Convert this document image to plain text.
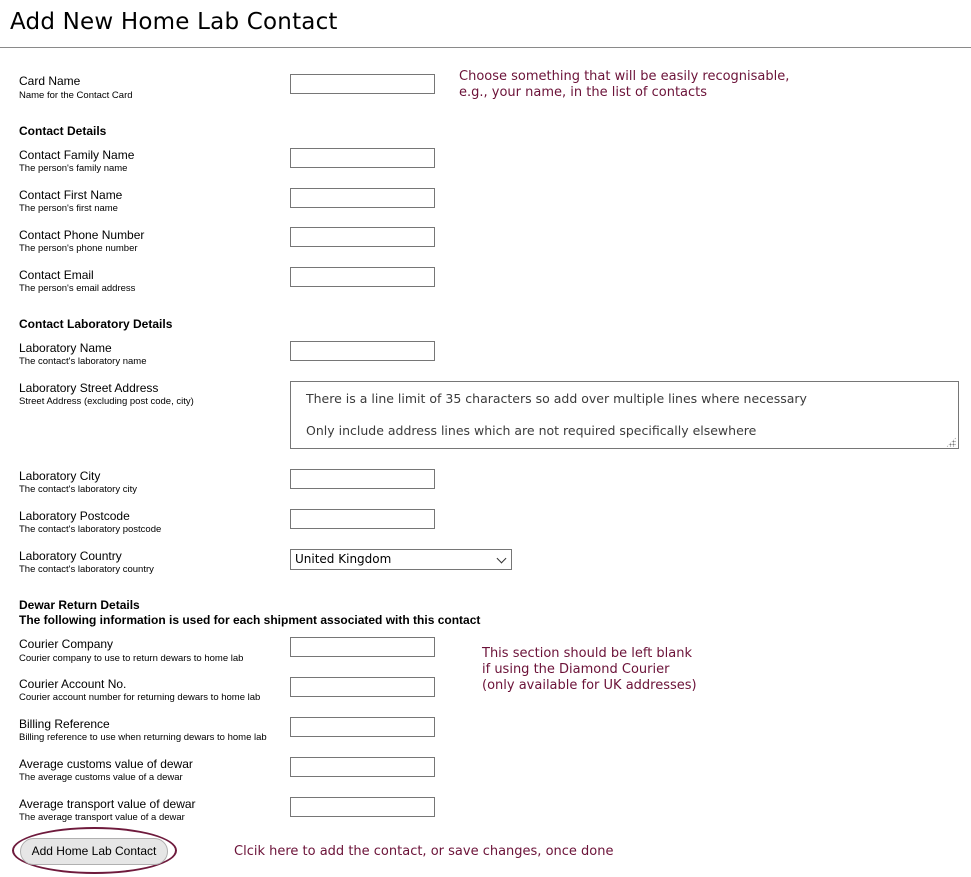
Add New Home Lab Contact
Card Name
Name for the Contact Card
Choose something that will be easily recognisable,
e.g., your name, in the list of contacts
Contact Details
Contact Family Name
The person's family name
Contact First Name
The person's first name
Contact Phone Number
The person's phone number
Contact Email
The person's email address
Contact Laboratory Details
Laboratory Name
The contact's laboratory name
Laboratory Street Address
Street Address (excluding post code, city)	There is a line limit of 35 characters so add over multiple lines where necessary

Only include address lines which are not required specifically elsewhere
Laboratory City
The contact's laboratory city
Laboratory Postcode
The contact's laboratory postcode
Laboratory Country
The contact's laboratory country
United Kingdom
Dewar Return Details
The following information is used for each shipment associated with this contact
Courier Company
Courier company to use to return dewars to home lab
Courier Account No.
Courier account number for returning dewars to home lab
Billing Reference
Billing reference to use when returning dewars to home lab
Average customs value of dewar
The average customs value of a dewar
Average transport value of dewar
The average transport value of a dewar
This section should be left blank
if using the Diamond Courier
(only available for UK addresses)
Add Home Lab Contact	Clcik here to add the contact, or save changes, once done
